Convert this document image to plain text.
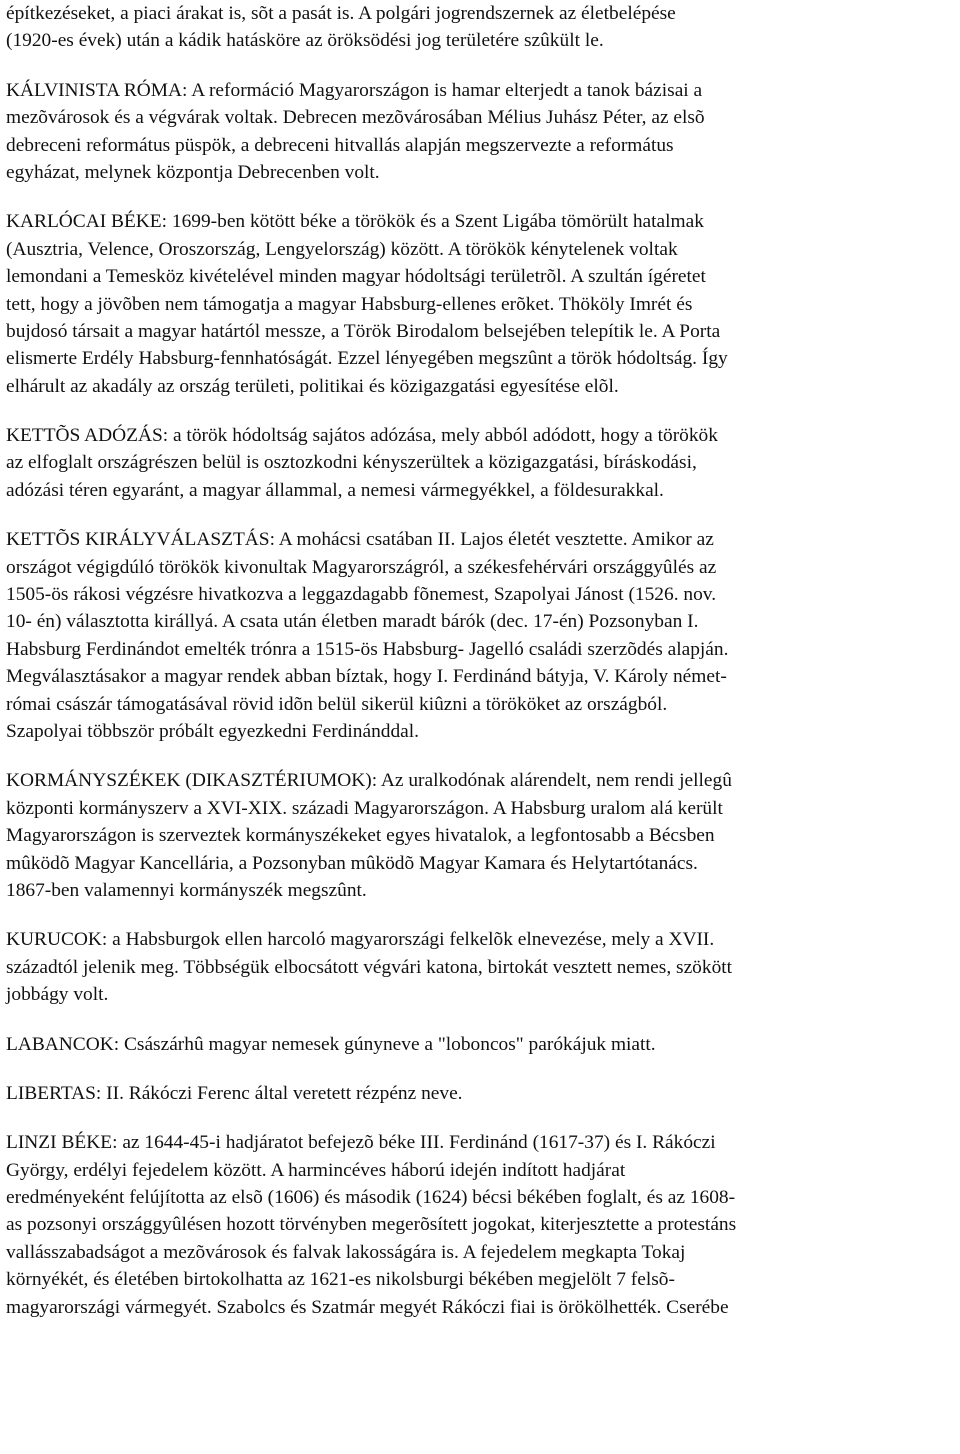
építkezéseket, a piaci árakat is, sõt a pasát is. A polgári jogrendszernek az életbelépése
(1920-es évek) után a kádik hatásköre az öröksödési jog területére szûkült le.
KÁLVINISTA RÓMA: A reformáció Magyarországon is hamar elterjedt a tanok bázisai a
mezõvárosok és a végvárak voltak. Debrecen mezõvárosában Mélius Juhász Péter, az elsõ
debreceni református püspök, a debreceni hitvallás alapján megszervezte a református
egyházat, melynek központja Debrecenben volt.
KARLÓCAI BÉKE: 1699-ben kötött béke a törökök és a Szent Ligába tömörült hatalmak
(Ausztria, Velence, Oroszország, Lengyelország) között. A törökök kénytelenek voltak
lemondani a Temesköz kivételével minden magyar hódoltsági területrõl. A szultán ígéretet
tett, hogy a jövõben nem támogatja a magyar Habsburg-ellenes erõket. Thököly Imrét és
bujdosó társait a magyar határtól messze, a Török Birodalom belsejében telepítik le. A Porta
elismerte Erdély Habsburg-fennhatóságát. Ezzel lényegében megszûnt a török hódoltság. Így
elhárult az akadály az ország területi, politikai és közigazgatási egyesítése elõl.
KETTÕS ADÓZÁS: a török hódoltság sajátos adózása, mely abból adódott, hogy a törökök
az elfoglalt országrészen belül is osztozkodni kényszerültek a közigazgatási, bíráskodási,
adózási téren egyaránt, a magyar állammal, a nemesi vármegyékkel, a földesurakkal.
KETTÕS KIRÁLYVÁLASZTÁS: A mohácsi csatában II. Lajos életét vesztette. Amikor az
országot végigdúló törökök kivonultak Magyarországról, a székesfehérvári országgyûlés az
1505-ös rákosi végzésre hivatkozva a leggazdagabb fõnemest, Szapolyai Jánost (1526. nov.
10- én) választotta királlyá. A csata után életben maradt bárók (dec. 17-én) Pozsonyban I.
Habsburg Ferdinándot emelték trónra a 1515-ös Habsburg- Jagelló családi szerzõdés alapján.
Megválasztásakor a magyar rendek abban bíztak, hogy I. Ferdinánd bátyja, V. Károly német-
római császár támogatásával rövid idõn belül sikerül kiûzni a törököket az országból.
Szapolyai többször próbált egyezkedni Ferdinánddal.
KORMÁNYSZÉKEK (DIKASZTÉRIUMOK): Az uralkodónak alárendelt, nem rendi jellegû
központi kormányszerv a XVI-XIX. századi Magyarországon. A Habsburg uralom alá került
Magyarországon is szerveztek kormányszékeket egyes hivatalok, a legfontosabb a Bécsben
mûködõ Magyar Kancellária, a Pozsonyban mûködõ Magyar Kamara és Helytartótanács.
1867-ben valamennyi kormányszék megszûnt.
KURUCOK: a Habsburgok ellen harcoló magyarországi felkelõk elnevezése, mely a XVII.
századtól jelenik meg. Többségük elbocsátott végvári katona, birtokát vesztett nemes, szökött
jobbágy volt.
LABANCOK: Császárhû magyar nemesek gúnyneve a "loboncos" parókájuk miatt.
LIBERTAS: II. Rákóczi Ferenc által veretett rézpénz neve.
LINZI BÉKE: az 1644-45-i hadjáratot befejezõ béke III. Ferdinánd (1617-37) és I. Rákóczi
György, erdélyi fejedelem között. A harmincéves háború idején indított hadjárat
eredményeként felújította az elsõ (1606) és második (1624) bécsi békében foglalt, és az 1608-
as pozsonyi országgyûlésen hozott törvényben megerõsített jogokat, kiterjesztette a protestáns
vallásszabadságot a mezõvárosok és falvak lakosságára is. A fejedelem megkapta Tokaj
környékét, és életében birtokolhatta az 1621-es nikolsburgi békében megjelölt 7 felsõ-
magyarországi vármegyét. Szabolcs és Szatmár megyét Rákóczi fiai is örökölhették. Cserébe
